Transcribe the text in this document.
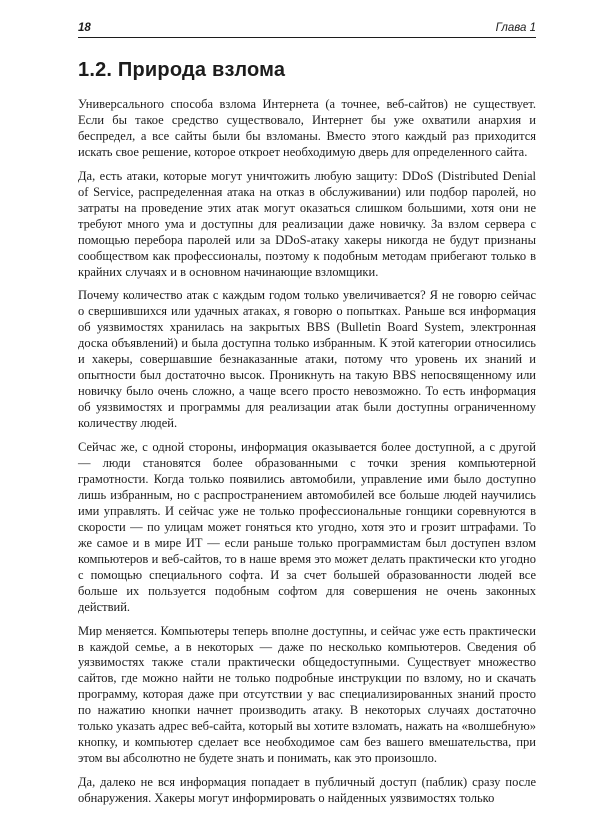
18	Глава 1
1.2. Природа взлома

Универсального способа взлома Интернета (а точнее, веб-сайтов) не существует. Если бы такое средство существовало, Интернет бы уже охватили анархия и беспредел, а все сайты были бы взломаны. Вместо этого каждый раз приходится искать свое решение, которое откроет необходимую дверь для определенного сайта.

Да, есть атаки, которые могут уничтожить любую защиту: DDoS (Distributed Denial of Service, распределенная атака на отказ в обслуживании) или подбор паролей, но затраты на проведение этих атак могут оказаться слишком большими, хотя они не требуют много ума и доступны для реализации даже новичку. За взлом сервера с помощью перебора паролей или за DDoS-атаку хакеры никогда не будут признаны сообществом как профессионалы, поэтому к подобным методам прибегают только в крайних случаях и в основном начинающие взломщики.

Почему количество атак с каждым годом только увеличивается? Я не говорю сейчас о свершившихся или удачных атаках, я говорю о попытках. Раньше вся информация об уязвимостях хранилась на закрытых BBS (Bulletin Board System, электронная доска объявлений) и была доступна только избранным. К этой категории относились и хакеры, совершавшие безнаказанные атаки, потому что уровень их знаний и опытности был достаточно высок. Проникнуть на такую BBS непосвященному или новичку было очень сложно, а чаще всего просто невозможно. То есть информация об уязвимостях и программы для реализации атак были доступны ограниченному количеству людей.

Сейчас же, с одной стороны, информация оказывается более доступной, а с другой — люди становятся более образованными с точки зрения компьютерной грамотности. Когда только появились автомобили, управление ими было доступно лишь избранным, но с распространением автомобилей все больше людей научились ими управлять. И сейчас уже не только профессиональные гонщики соревнуются в скорости — по улицам может гоняться кто угодно, хотя это и грозит штрафами. То же самое и в мире ИТ — если раньше только программистам был доступен взлом компьютеров и веб-сайтов, то в наше время это может делать практически кто угодно с помощью специального софта. И за счет большей образованности людей все больше их пользуется подобным софтом для совершения не очень законных действий.

Мир меняется. Компьютеры теперь вполне доступны, и сейчас уже есть практически в каждой семье, а в некоторых — даже по несколько компьютеров. Сведения об уязвимостях также стали практически общедоступными. Существует множество сайтов, где можно найти не только подробные инструкции по взлому, но и скачать программу, которая даже при отсутствии у вас специализированных знаний просто по нажатию кнопки начнет производить атаку. В некоторых случаях достаточно только указать адрес веб-сайта, который вы хотите взломать, нажать на «волшебную» кнопку, и компьютер сделает все необходимое сам без вашего вмешательства, при этом вы абсолютно не будете знать и понимать, как это произошло.

Да, далеко не вся информация попадает в публичный доступ (паблик) сразу после обнаружения. Хакеры могут информировать о найденных уязвимостях только
